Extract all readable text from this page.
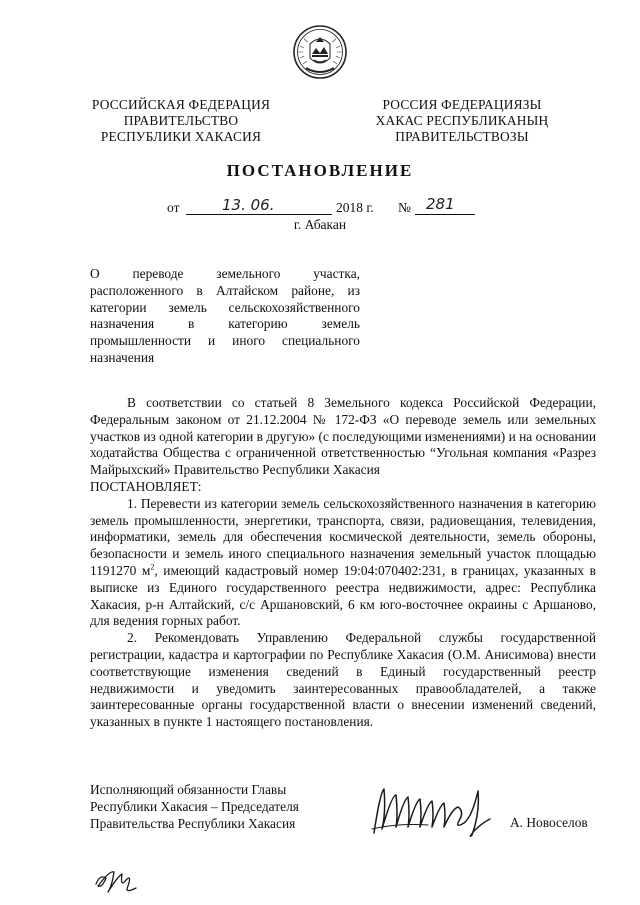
РОССИЙСКАЯ ФЕДЕРАЦИЯ
ПРАВИТЕЛЬСТВО
РЕСПУБЛИКИ ХАКАСИЯ
РОССИЯ ФЕДЕРАЦИЯЗЫ
ХАКАС РЕСПУБЛИКАНЫҢ
ПРАВИТЕЛЬСТВОЗЫ
ПОСТАНОВЛЕНИЕ
от	13. 06.	2018 г. № 281
г. Абакан
О переводе земельного участка, расположенного в Алтайском районе, из категории земель сельскохозяйственного назначения в категорию земель промышленности и иного специального назначения

В соответствии со статьей 8 Земельного кодекса Российской Федерации, Федеральным законом от 21.12.2004 № 172-ФЗ «О переводе земель или земельных участков из одной категории в другую» (с последующими изменениями) и на основании ходатайства Общества с ограниченной ответственностью “Угольная компания «Разрез Майрыхский» Правительство Республики Хакасия

ПОСТАНОВЛЯЕТ:

1. Перевести из категории земель сельскохозяйственного назначения в категорию земель промышленности, энергетики, транспорта, связи, радиовещания, телевидения, информатики, земель для обеспечения космической деятельности, земель обороны, безопасности и земель иного специального назначения земельный участок площадью 1191270 $м^2$, имеющий кадастровый номер 19:04:070402:231, в границах, указанных в выписке из Единого государственного реестра недвижимости, адрес: Республика Хакасия, р-н Алтайский, с/с Аршановский, 6 км юго-восточнее окраины с Аршаново, для ведения горных работ.

2. Рекомендовать Управлению Федеральной службы государственной регистрации, кадастра и картографии по Республике Хакасия (О.М. Анисимова) внести соответствующие изменения сведений в Единый государственный реестр недвижимости и уведомить заинтересованных правообладателей, а также заинтересованные органы государственной власти о внесении изменений сведений, указанных в пункте 1 настоящего постановления.

Исполняющий обязанности Главы
Республики Хакасия – Председателя
Правительства Республики Хакасия	А. Новоселов
